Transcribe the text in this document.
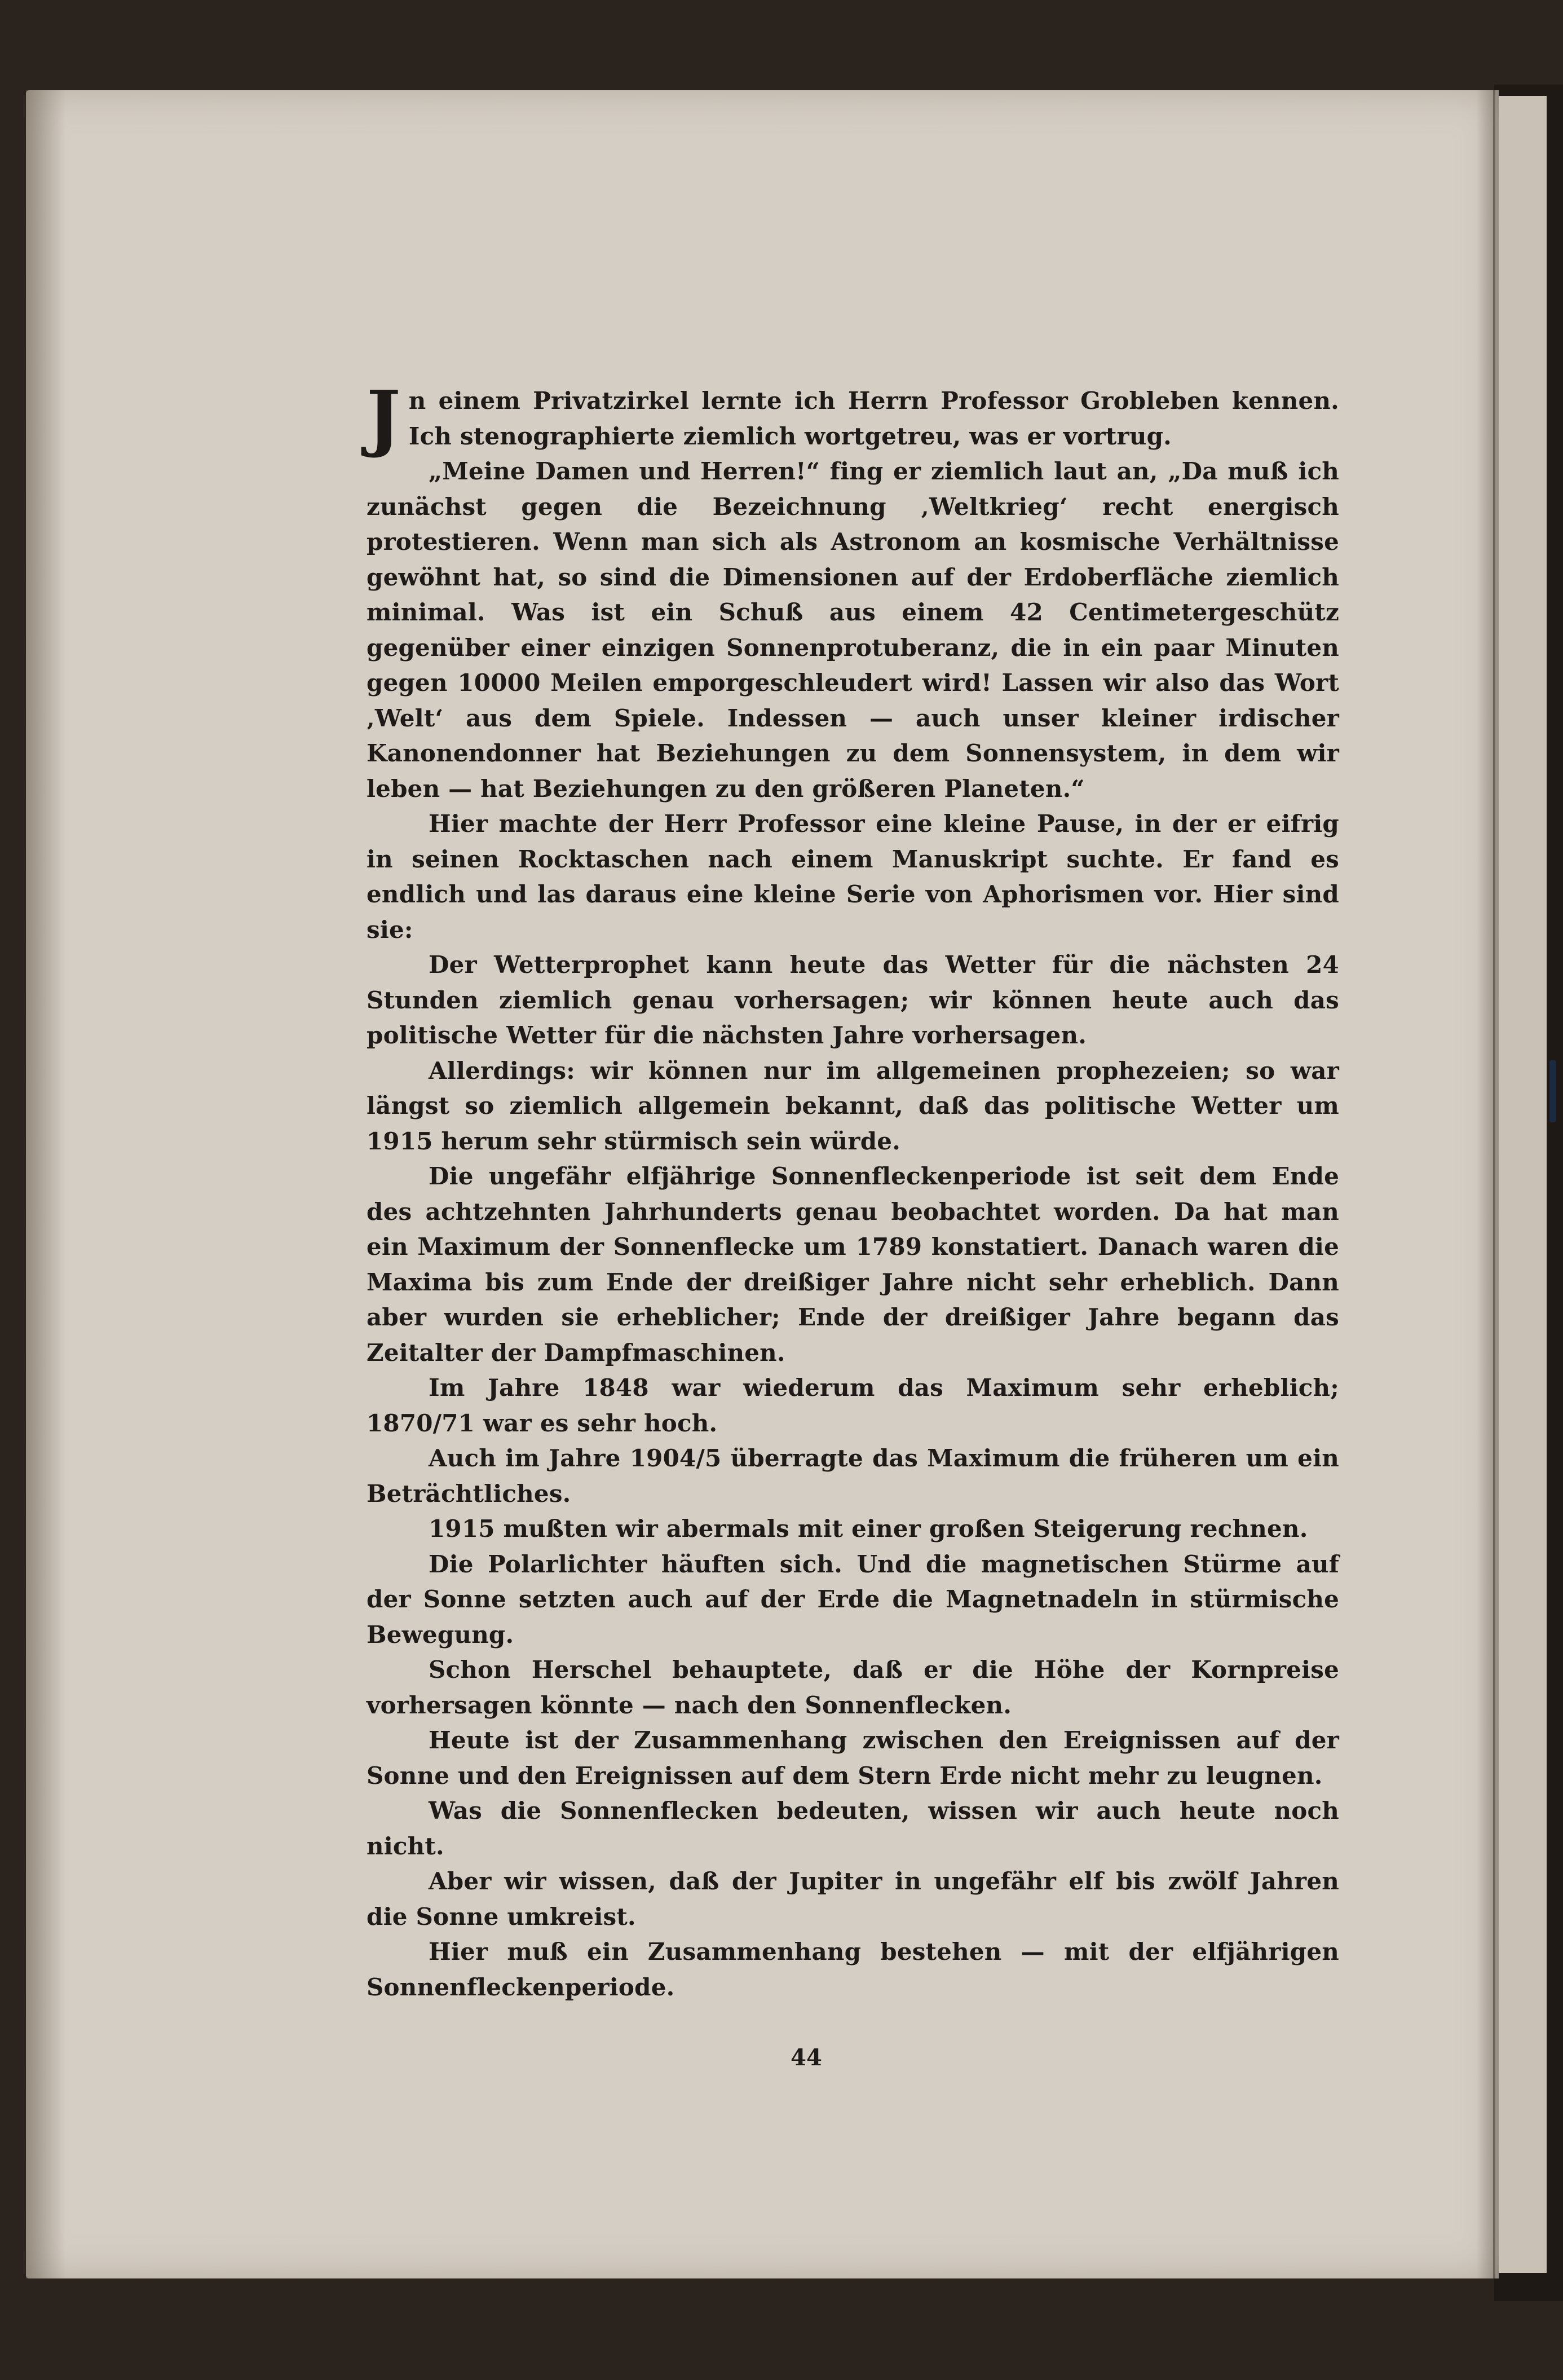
Jn einem Privatzirkel lernte ich Herrn Professor Grobleben kennen. Ich stenographierte ziemlich wortgetreu, was er vortrug.

„Meine Damen und Herren!“ fing er ziemlich laut an, „Da muß ich zunächst gegen die Bezeichnung ‚Weltkrieg‘ recht energisch protestieren. Wenn man sich als Astronom an kosmische Verhältnisse gewöhnt hat, so sind die Dimensionen auf der Erdoberfläche ziemlich minimal. Was ist ein Schuß aus einem 42 Centimetergeschütz gegenüber einer einzigen Sonnenprotuberanz, die in ein paar Minuten gegen 10000 Meilen emporgeschleudert wird! Lassen wir also das Wort ‚Welt‘ aus dem Spiele. Indessen — auch unser kleiner irdischer Kanonendonner hat Beziehungen zu dem Sonnensystem, in dem wir leben — hat Beziehungen zu den größeren Planeten.“

Hier machte der Herr Professor eine kleine Pause, in der er eifrig in seinen Rocktaschen nach einem Manuskript suchte. Er fand es endlich und las daraus eine kleine Serie von Aphorismen vor. Hier sind sie:

Der Wetterprophet kann heute das Wetter für die nächsten 24 Stunden ziemlich genau vorhersagen; wir können heute auch das politische Wetter für die nächsten Jahre vorhersagen.

Allerdings: wir können nur im allgemeinen prophezeien; so war längst so ziemlich allgemein bekannt, daß das politische Wetter um 1915 herum sehr stürmisch sein würde.

Die ungefähr elfjährige Sonnenfleckenperiode ist seit dem Ende des achtzehnten Jahrhunderts genau beobachtet worden. Da hat man ein Maximum der Sonnenflecke um 1789 konstatiert. Danach waren die Maxima bis zum Ende der dreißiger Jahre nicht sehr erheblich. Dann aber wurden sie erheblicher; Ende der dreißiger Jahre begann das Zeitalter der Dampfmaschinen.

Im Jahre 1848 war wiederum das Maximum sehr erheblich; 1870/71 war es sehr hoch.

Auch im Jahre 1904/5 überragte das Maximum die früheren um ein Beträchtliches.

1915 mußten wir abermals mit einer großen Steigerung rechnen.

Die Polarlichter häuften sich. Und die magnetischen Stürme auf der Sonne setzten auch auf der Erde die Magnetnadeln in stürmische Bewegung.

Schon Herschel behauptete, daß er die Höhe der Kornpreise vorhersagen könnte — nach den Sonnenflecken.

Heute ist der Zusammenhang zwischen den Ereignissen auf der Sonne und den Ereignissen auf dem Stern Erde nicht mehr zu leugnen.

Was die Sonnenflecken bedeuten, wissen wir auch heute noch nicht.

Aber wir wissen, daß der Jupiter in ungefähr elf bis zwölf Jahren die Sonne umkreist.

Hier muß ein Zusammenhang bestehen — mit der elfjährigen Sonnenfleckenperiode.

44
